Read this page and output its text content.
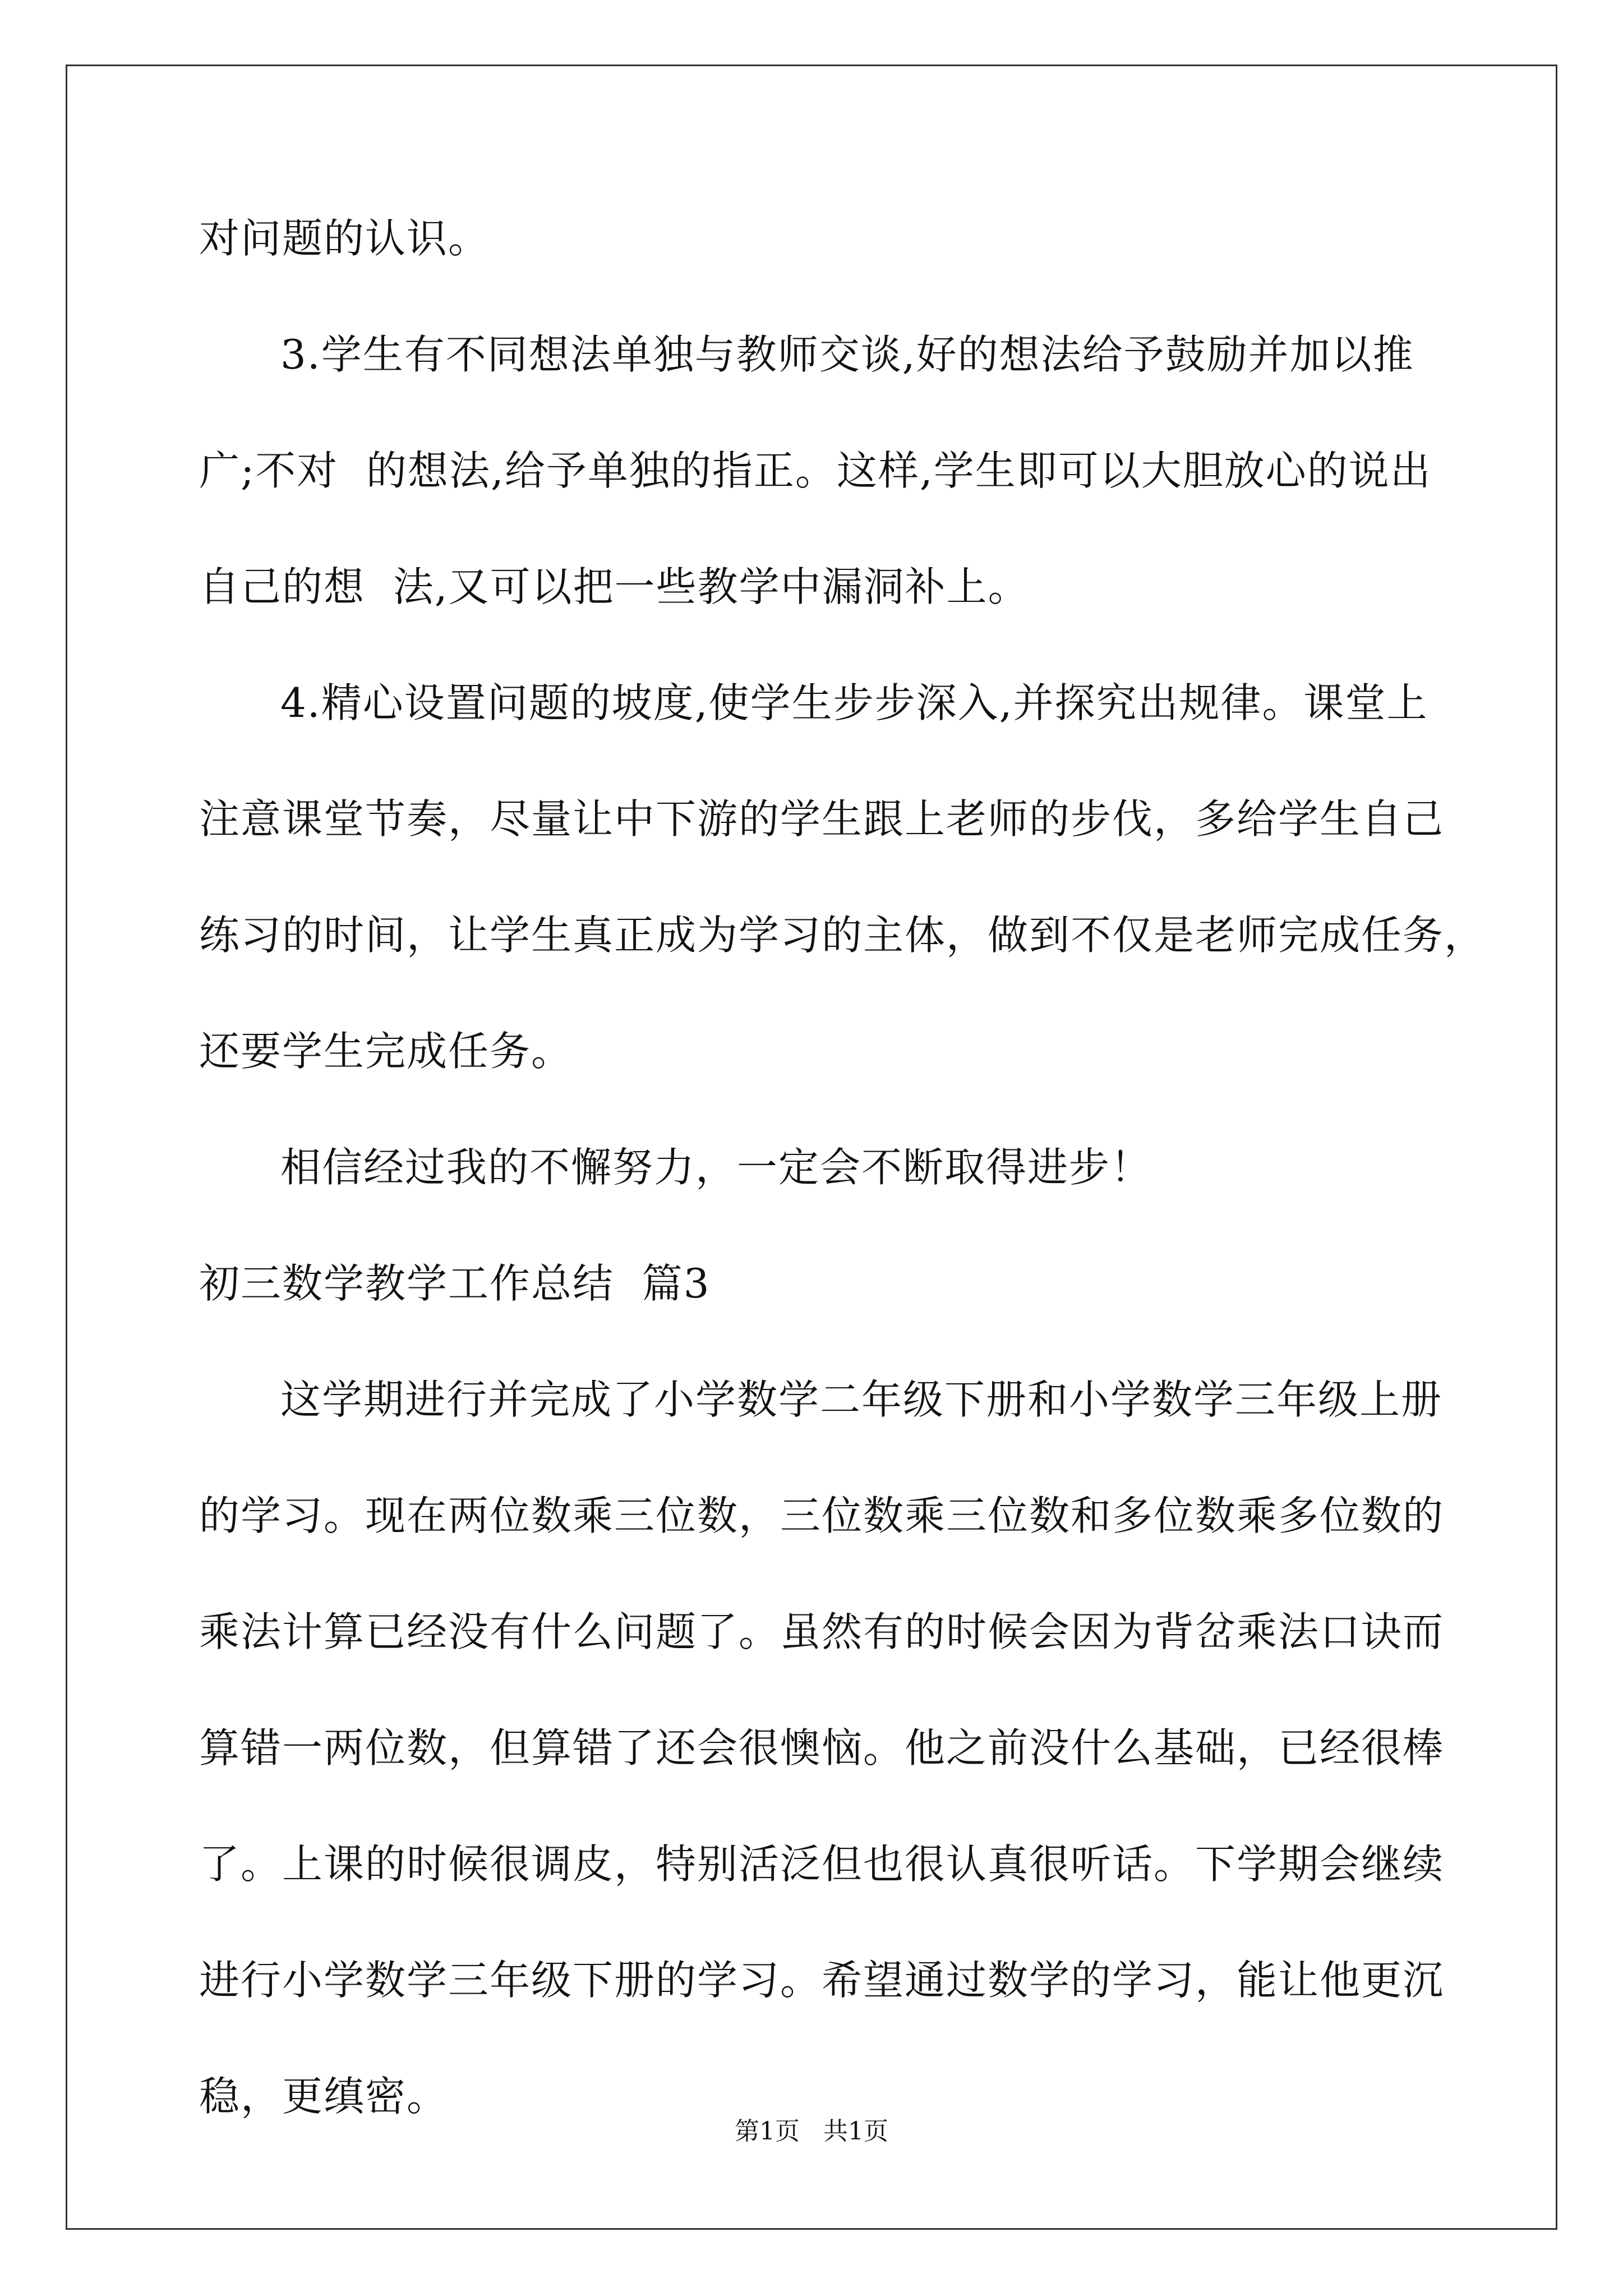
对问题的认识。
3.学生有不同想法单独与教师交谈,好的想法给予鼓励并加以推
广;不对  的想法,给予单独的指正。这样,学生即可以大胆放心的说出
自己的想  法,又可以把一些教学中漏洞补上。
4.精心设置问题的坡度,使学生步步深入,并探究出规律。课堂上
注意课堂节奏，尽量让中下游的学生跟上老师的步伐，多给学生自己
练习的时间，让学生真正成为学习的主体，做到不仅是老师完成任务，
还要学生完成任务。
相信经过我的不懈努力，一定会不断取得进步！
初三数学教学工作总结  篇3
这学期进行并完成了小学数学二年级下册和小学数学三年级上册
的学习。现在两位数乘三位数，三位数乘三位数和多位数乘多位数的
乘法计算已经没有什么问题了。虽然有的时候会因为背岔乘法口诀而
算错一两位数，但算错了还会很懊恼。他之前没什么基础，已经很棒
了。上课的时候很调皮，特别活泛但也很认真很听话。下学期会继续
进行小学数学三年级下册的学习。希望通过数学的学习，能让他更沉
稳，更缜密。
第1页   共1页
